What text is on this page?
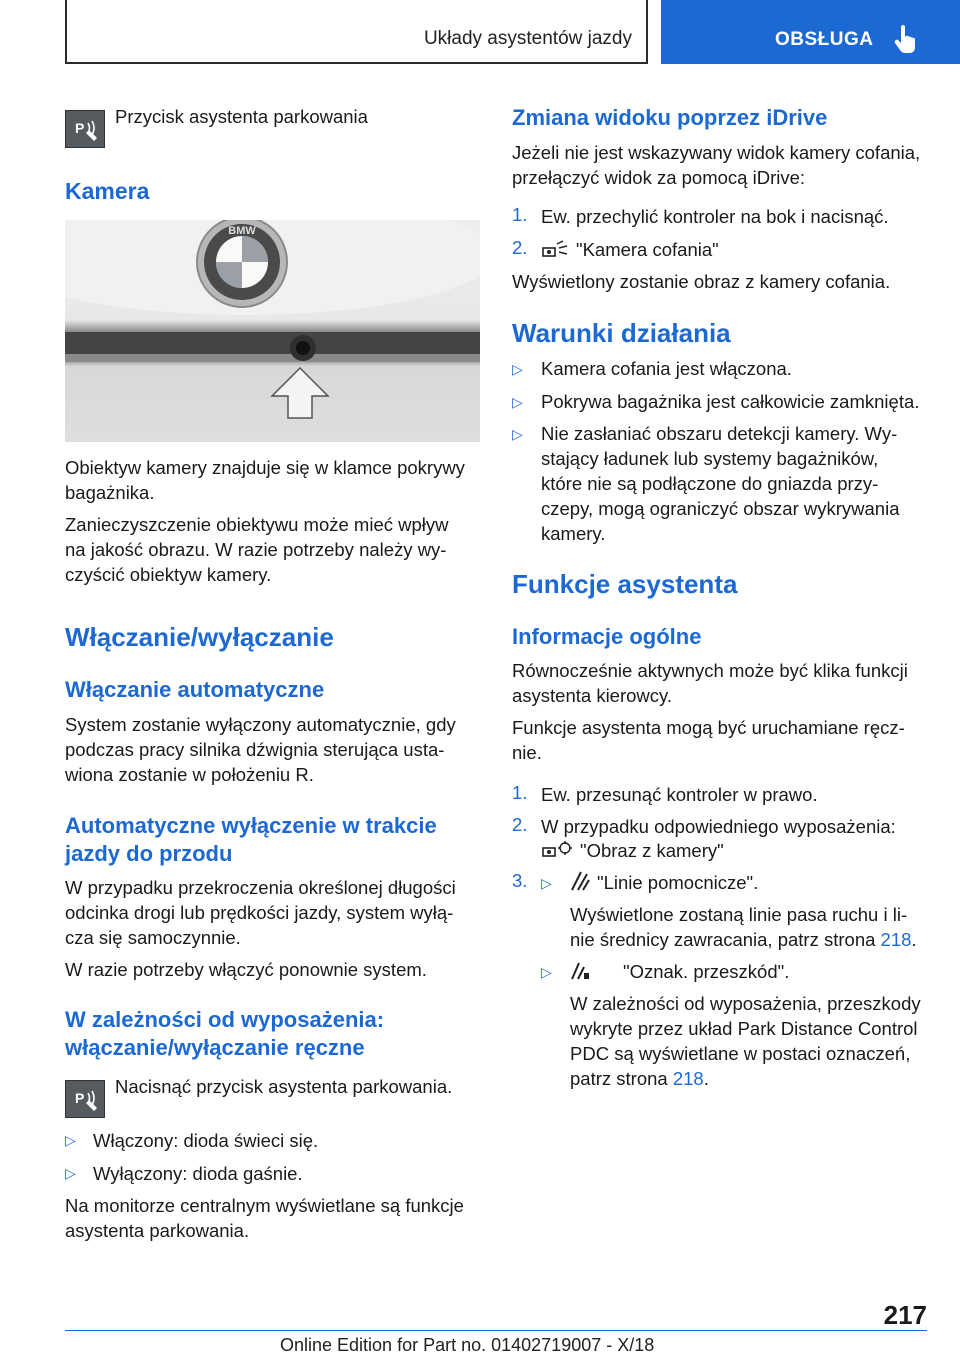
Układy asystentów jazdy	OBSŁUGA
P

Przycisk asystenta parkowania

Kamera
BMW

Obiektyw kamery znajduje się w klamce pokrywy
bagażnika.

Zanieczyszczenie obiektywu może mieć wpływ
na jakość obrazu. W razie potrzeby należy wy-
czyścić obiektyw kamery.

Włączanie/wyłączanie
Włączanie automatyczne

System zostanie wyłączony automatycznie, gdy
podczas pracy silnika dźwignia sterująca usta-
wiona zostanie w położeniu R.

Automatyczne wyłączenie w trakcie
jazdy do przodu

W przypadku przekroczenia określonej długości
odcinka drogi lub prędkości jazdy, system wyłą-
cza się samoczynnie.

W razie potrzeby włączyć ponownie system.

W zależności od wyposażenia:
włączanie/wyłączanie ręczne
P

Nacisnąć przycisk asystenta parkowania.

▷ Włączony: dioda świeci się.

▷ Wyłączony: dioda gaśnie.

Na monitorze centralnym wyświetlane są funkcje
asystenta parkowania.

Zmiana widoku poprzez iDrive

Jeżeli nie jest wskazywany widok kamery cofania,
przełączyć widok za pomocą iDrive:

1. Ew. przechylić kontroler na bok i nacisnąć.

2.	"Kamera cofania"

Wyświetlony zostanie obraz z kamery cofania.

Warunki działania
▷ Kamera cofania jest włączona.

▷ Pokrywa bagażnika jest całkowicie zamknięta.

▷ Nie zasłaniać obszaru detekcji kamery. Wy-
stający ładunek lub systemy bagażników,
które nie są podłączone do gniazda przy-
czepy, mogą ograniczyć obszar wykrywania
kamery.

Funkcje asystenta
Informacje ogólne

Równocześnie aktywnych może być klika funkcji
asystenta kierowcy.

Funkcje asystenta mogą być uruchamiane ręcz-
nie.

1. Ew. przesunąć kontroler w prawo.

2. W przypadku odpowiedniego wyposażenia:

"Obraz z kamery"

3. ▷ "Linie pomocnicze".

Wyświetlone zostaną linie pasa ruchu i li-
nie średnicy zawracania, patrz strona 218.

▷	"Oznak. przeszkód".

W zależności od wyposażenia, przeszkody
wykryte przez układ Park Distance Control
PDC są wyświetlane w postaci oznaczeń,
patrz strona 218.

217
Online Edition for Part no. 01402719007 - X/18
